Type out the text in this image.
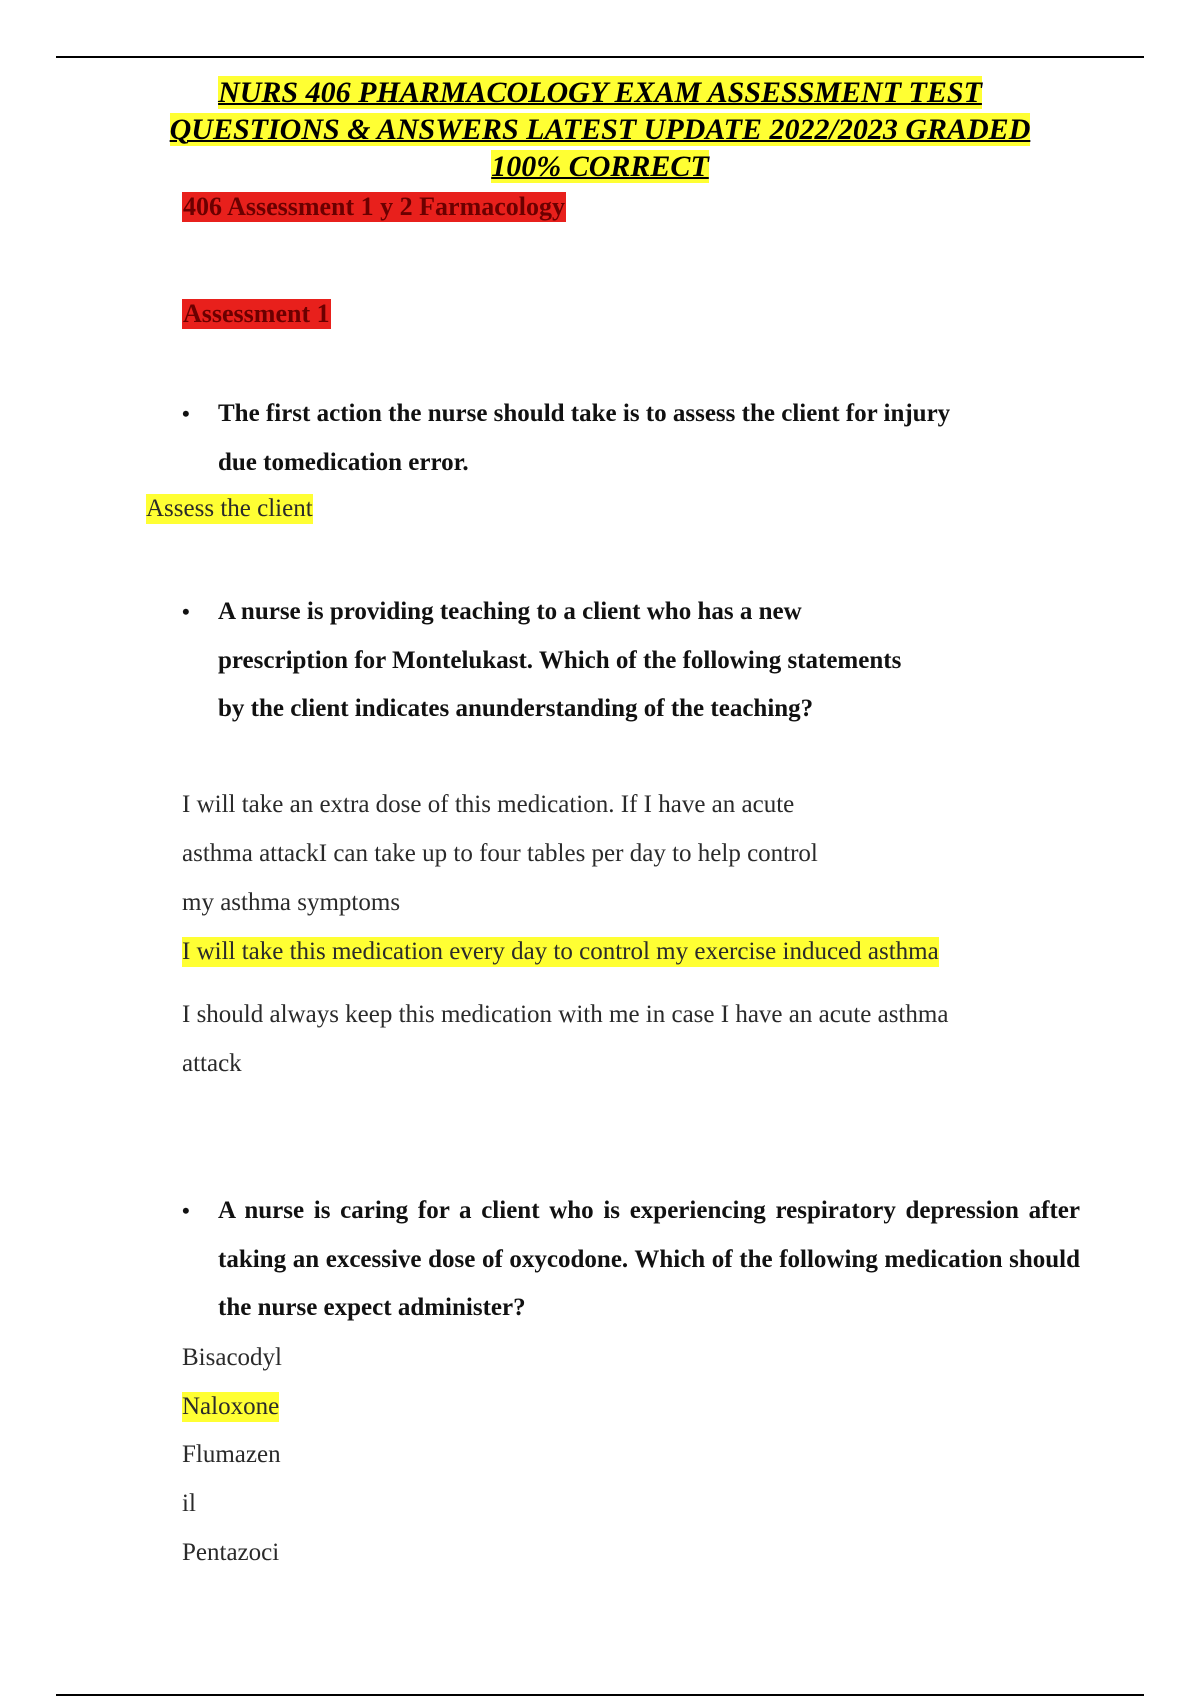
NURS 406 PHARMACOLOGY EXAM ASSESSMENT TEST
QUESTIONS & ANSWERS LATEST UPDATE 2022/2023 GRADED
100% CORRECT
406 Assessment 1 y 2 Farmacology
Assessment 1
• The first action the nurse should take is to assess the client for injury due tomedication error.
Assess the client
• A nurse is providing teaching to a client who has a new prescription for Montelukast. Which of the following statements by the client indicates anunderstanding of the teaching?
I will take an extra dose of this medication. If I have an acute
asthma attackI can take up to four tables per day to help control
my asthma symptoms
I will take this medication every day to control my exercise induced asthma
I should always keep this medication with me in case I have an acute asthma
attack
• A nurse is caring for a client who is experiencing respiratory depression after taking an excessive dose of oxycodone. Which of the following medication should the nurse expect administer?
Bisacodyl
Naloxone
Flumazen
il
Pentazoci
